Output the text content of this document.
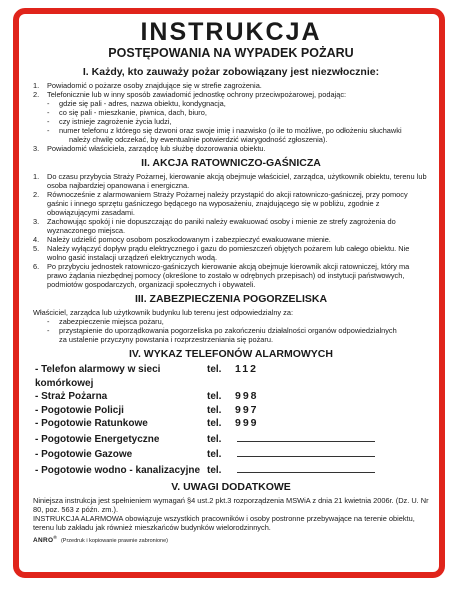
INSTRUKCJA
POSTĘPOWANIA NA WYPADEK POŻARU
I. Każdy, kto zauważy pożar zobowiązany jest niezwłocznie:
1.	Powiadomić o pożarze osoby znajdujące się w strefie zagrożenia.
2.	Telefonicznie lub w inny sposób zawiadomić jednostkę ochrony przeciwpożarowej, podając:
-	gdzie się pali - adres, nazwa obiektu, kondygnacja,
-	co się pali - mieszkanie, piwnica, dach, biuro,
-	czy istnieje zagrożenie życia ludzi,
-	numer telefonu z którego się dzwoni oraz swoje imię i nazwisko (o ile to możliwe, po odłożeniu słuchawki
należy chwilę odczekać, by ewentualnie potwierdzić wiarygodność zgłoszenia).
3.	Powiadomić właściciela, zarządcę lub służbę dozorowania obiektu.
II. AKCJA RATOWNICZO-GAŚNICZA
1.	Do czasu przybycia Straży Pożarnej, kierowanie akcją obejmuje właściciel, zarządca, użytkownik obiektu, terenu lub osoba najbardziej opanowana i energiczna.
2.	Równocześnie z alarmowaniem Straży Pożarnej należy przystąpić do akcji ratowniczo-gaśniczej, przy pomocy gaśnic i innego sprzętu gaśniczego będącego na wyposażeniu, znajdującego się w pobliżu, zgodnie z obowiązującymi zasadami.
3.	Zachowując spokój i nie dopuszczając do paniki należy ewakuować osoby i mienie ze strefy zagrożenia do wyznaczonego miejsca.
4.	Należy udzielić pomocy osobom poszkodowanym i zabezpieczyć ewakuowane mienie.
5.	Należy wyłączyć dopływ prądu elektrycznego i gazu do pomieszczeń objętych pożarem lub całego obiektu. Nie wolno gasić instalacji urządzeń elektrycznych wodą.
6.	Po przybyciu jednostek ratowniczo-gaśniczych kierowanie akcją obejmuje kierownik akcji ratowniczej, który ma prawo żądania niezbędnej pomocy (określone to zostało w odrębnych przepisach) od instytucji państwowych, podmiotów gospodarczych, organizacji społecznych i obywateli.
III. ZABEZPIECZENIA POGORZELISKA
Właściciel, zarządca lub użytkownik budynku lub terenu jest odpowiedzialny za:
-	zabezpieczenie miejsca pożaru,
-	przystąpienie do uporządkowania pogorzeliska po zakończeniu działalności organów odpowiedzialnych
za ustalenie przyczyny powstania i rozprzestrzeniania się pożaru.
IV. WYKAZ TELEFONÓW ALARMOWYCH
- Telefon alarmowy w sieci komórkowej
tel.	112
- Straż Pożarna	tel.	998
- Pogotowie Policji	tel.	997
- Pogotowie Ratunkowe	tel.	999
- Pogotowie Energetyczne	tel.
- Pogotowie Gazowe	tel.
- Pogotowie wodno - kanalizacyjne tel.
V. UWAGI DODATKOWE
Niniejsza instrukcja jest spełnieniem wymagań §4 ust.2 pkt.3 rozporządzenia MSWiA z dnia 21 kwietnia 2006r. (Dz. U. Nr 80, poz. 563 z późn. zm.).
INSTRUKCJA ALARMOWA obowiązuje wszystkich pracowników i osoby postronne przebywające na terenie obiektu, terenu lub zakładu jak również mieszkańców budynków wielorodzinnych.
ANRO®
(Przedruk i kopiowanie prawnie zabronione)
